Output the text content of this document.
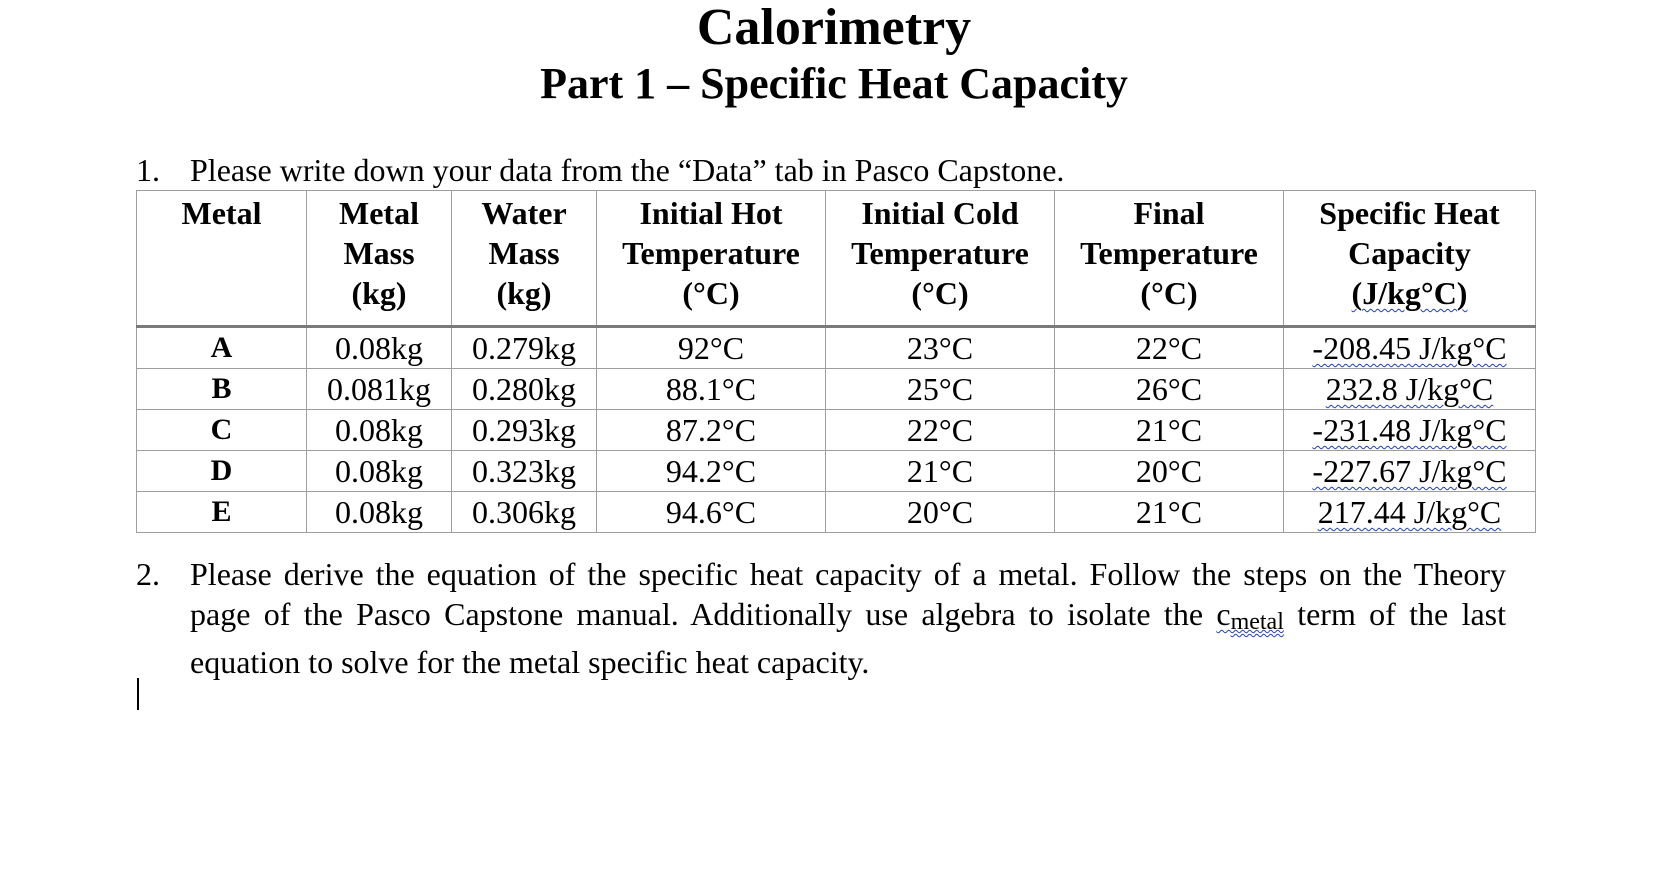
Calorimetry
Part 1 – Specific Heat Capacity

1. Please write down your data from the “Data” tab in Pasco Capstone.

Metal	Metal
Mass
(kg)	Water
Mass
(kg)	Initial Hot
Temperature
(°C)	Initial Cold
Temperature
(°C)	Final
Temperature
(°C)	Specific Heat
Capacity
(J/kg°C)
A	0.08kg	0.279kg	92°C	23°C	22°C	-208.45 J/kg°C
B	0.081kg	0.280kg	88.1°C	25°C	26°C	232.8 J/kg°C
C	0.08kg	0.293kg	87.2°C	22°C	21°C	-231.48 J/kg°C
D	0.08kg	0.323kg	94.2°C	21°C	20°C	-227.67 J/kg°C
E	0.08kg	0.306kg	94.6°C	20°C	21°C	217.44 J/kg°C
2. Please derive the equation of the specific heat capacity of a metal. Follow the steps on the Theory page of the Pasco Capstone manual. Additionally use algebra to isolate the cmetal term of the last equation to solve for the metal specific heat capacity.
